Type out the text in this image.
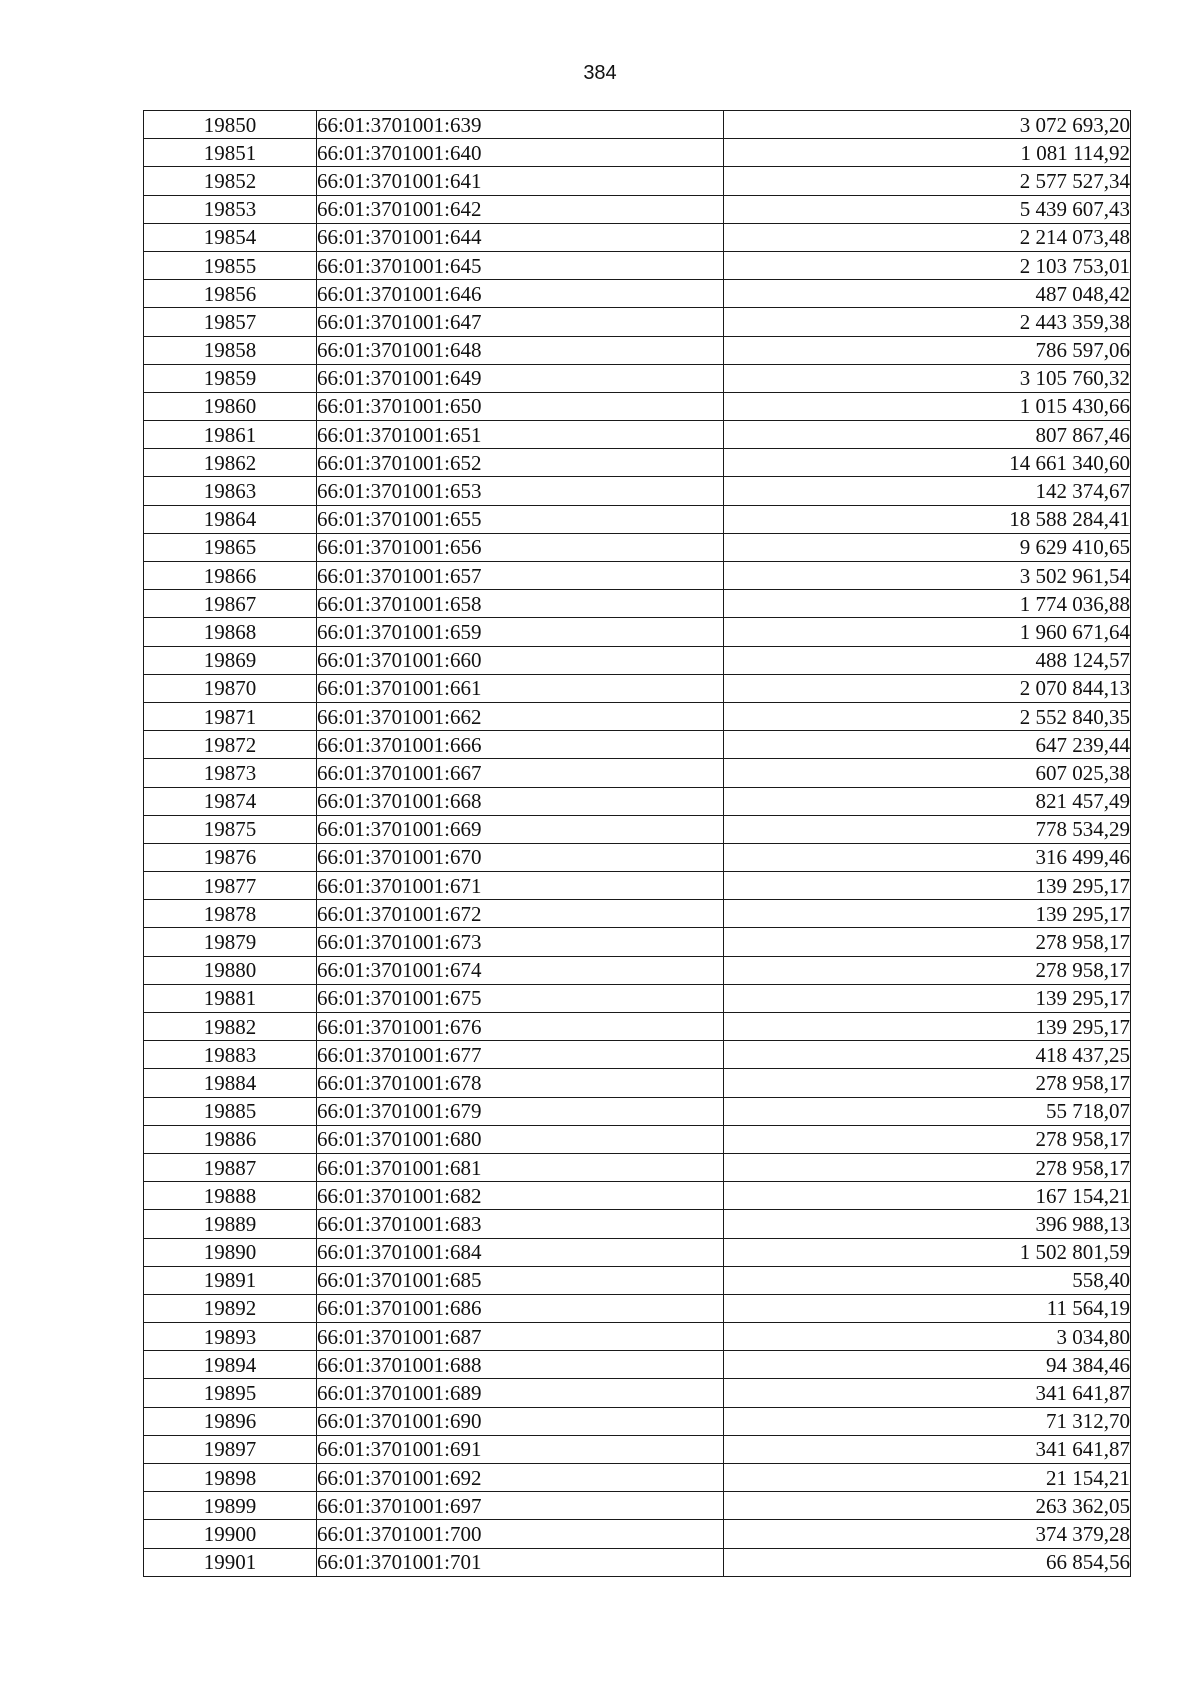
384
19850	66:01:3701001:639	3 072 693,20
19851	66:01:3701001:640	1 081 114,92
19852	66:01:3701001:641	2 577 527,34
19853	66:01:3701001:642	5 439 607,43
19854	66:01:3701001:644	2 214 073,48
19855	66:01:3701001:645	2 103 753,01
19856	66:01:3701001:646	487 048,42
19857	66:01:3701001:647	2 443 359,38
19858	66:01:3701001:648	786 597,06
19859	66:01:3701001:649	3 105 760,32
19860	66:01:3701001:650	1 015 430,66
19861	66:01:3701001:651	807 867,46
19862	66:01:3701001:652	14 661 340,60
19863	66:01:3701001:653	142 374,67
19864	66:01:3701001:655	18 588 284,41
19865	66:01:3701001:656	9 629 410,65
19866	66:01:3701001:657	3 502 961,54
19867	66:01:3701001:658	1 774 036,88
19868	66:01:3701001:659	1 960 671,64
19869	66:01:3701001:660	488 124,57
19870	66:01:3701001:661	2 070 844,13
19871	66:01:3701001:662	2 552 840,35
19872	66:01:3701001:666	647 239,44
19873	66:01:3701001:667	607 025,38
19874	66:01:3701001:668	821 457,49
19875	66:01:3701001:669	778 534,29
19876	66:01:3701001:670	316 499,46
19877	66:01:3701001:671	139 295,17
19878	66:01:3701001:672	139 295,17
19879	66:01:3701001:673	278 958,17
19880	66:01:3701001:674	278 958,17
19881	66:01:3701001:675	139 295,17
19882	66:01:3701001:676	139 295,17
19883	66:01:3701001:677	418 437,25
19884	66:01:3701001:678	278 958,17
19885	66:01:3701001:679	55 718,07
19886	66:01:3701001:680	278 958,17
19887	66:01:3701001:681	278 958,17
19888	66:01:3701001:682	167 154,21
19889	66:01:3701001:683	396 988,13
19890	66:01:3701001:684	1 502 801,59
19891	66:01:3701001:685	558,40
19892	66:01:3701001:686	11 564,19
19893	66:01:3701001:687	3 034,80
19894	66:01:3701001:688	94 384,46
19895	66:01:3701001:689	341 641,87
19896	66:01:3701001:690	71 312,70
19897	66:01:3701001:691	341 641,87
19898	66:01:3701001:692	21 154,21
19899	66:01:3701001:697	263 362,05
19900	66:01:3701001:700	374 379,28
19901	66:01:3701001:701	66 854,56
